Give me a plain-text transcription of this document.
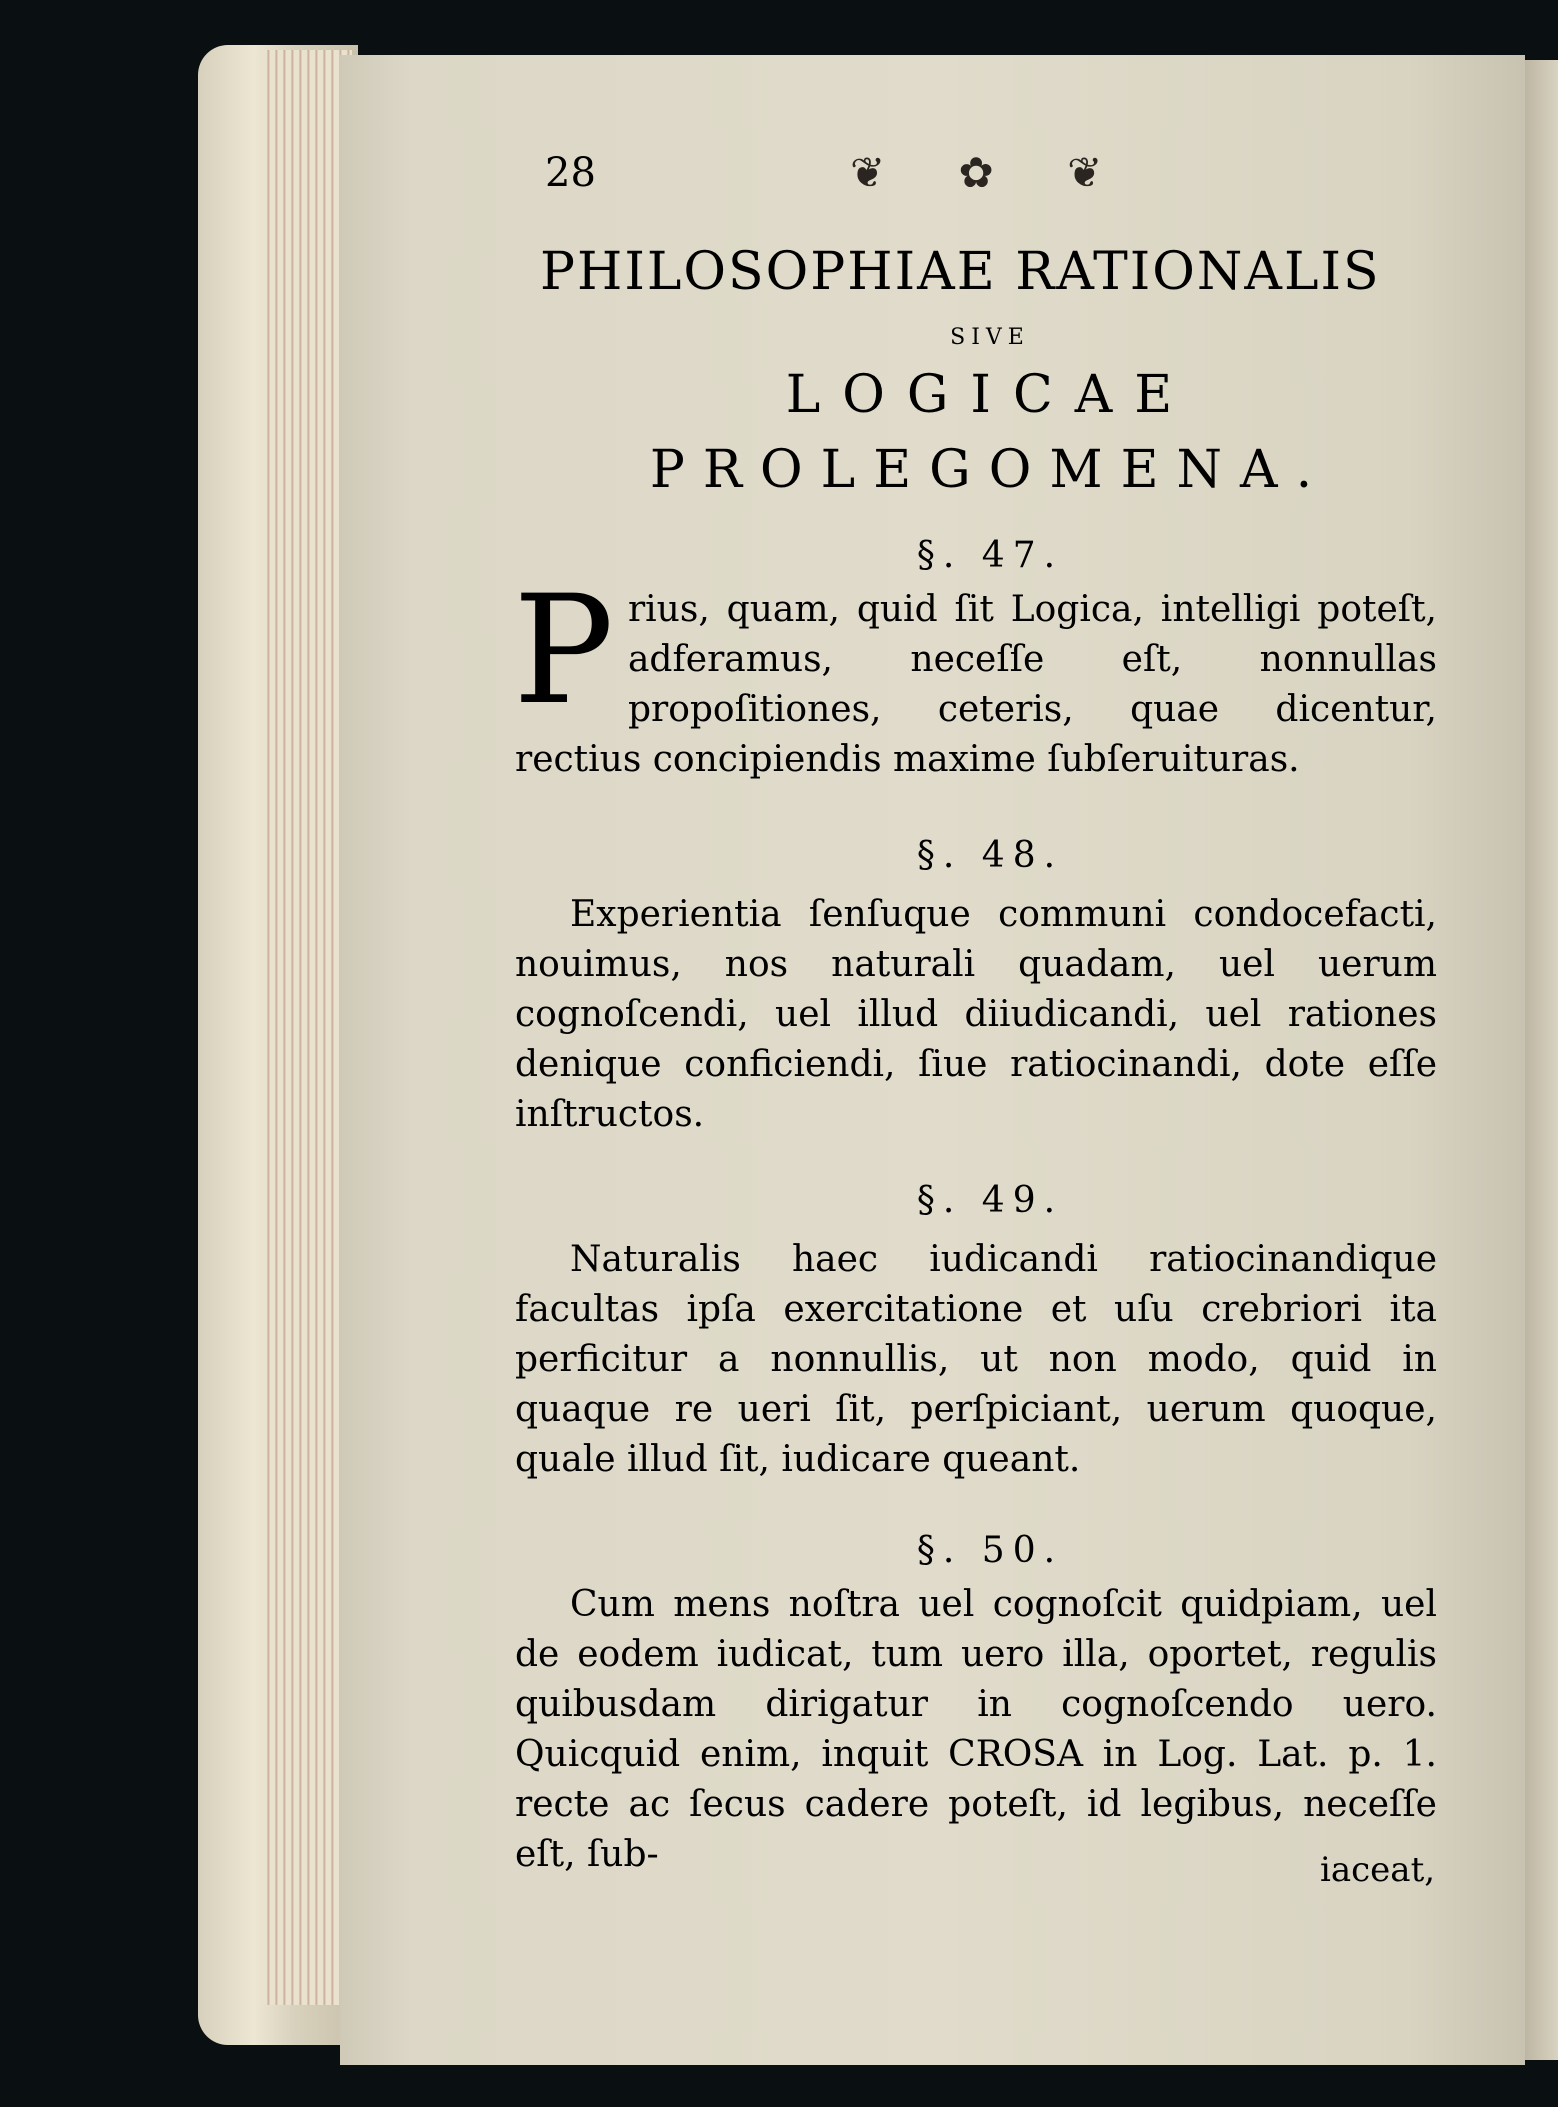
28	❦ ✿ ❦
PHILOSOPHIAE RATIONALIS
SIVE
LOGICAE
PROLEGOMENA.
§. 47.
Prius, quam, quid ſit Logica, intelligi poteſt, adferamus, neceſſe eſt, nonnullas propoſitiones, ceteris, quae dicentur, rectius concipiendis maxime ſubſeruituras.
§. 48.
Experientia ſenſuque communi condocefacti, nouimus, nos naturali quadam, uel uerum cognoſcendi, uel illud diiudicandi, uel rationes denique conficiendi, ſiue ratiocinandi, dote eſſe inſtructos.
§. 49.
Naturalis haec iudicandi ratiocinandique facultas ipſa exercitatione et uſu crebriori ita perficitur a nonnullis, ut non modo, quid in quaque re ueri ſit, perſpiciant, uerum quoque, quale illud ſit, iudicare queant.
§. 50.
Cum mens noſtra uel cognoſcit quidpiam, uel de eodem iudicat, tum uero illa, oportet, regulis quibusdam dirigatur in cognoſcendo uero. Quicquid enim, inquit CROSA in Log. Lat. p. 1. recte ac ſecus cadere poteſt, id legibus, neceſſe eſt, ſub-	iaceat,
